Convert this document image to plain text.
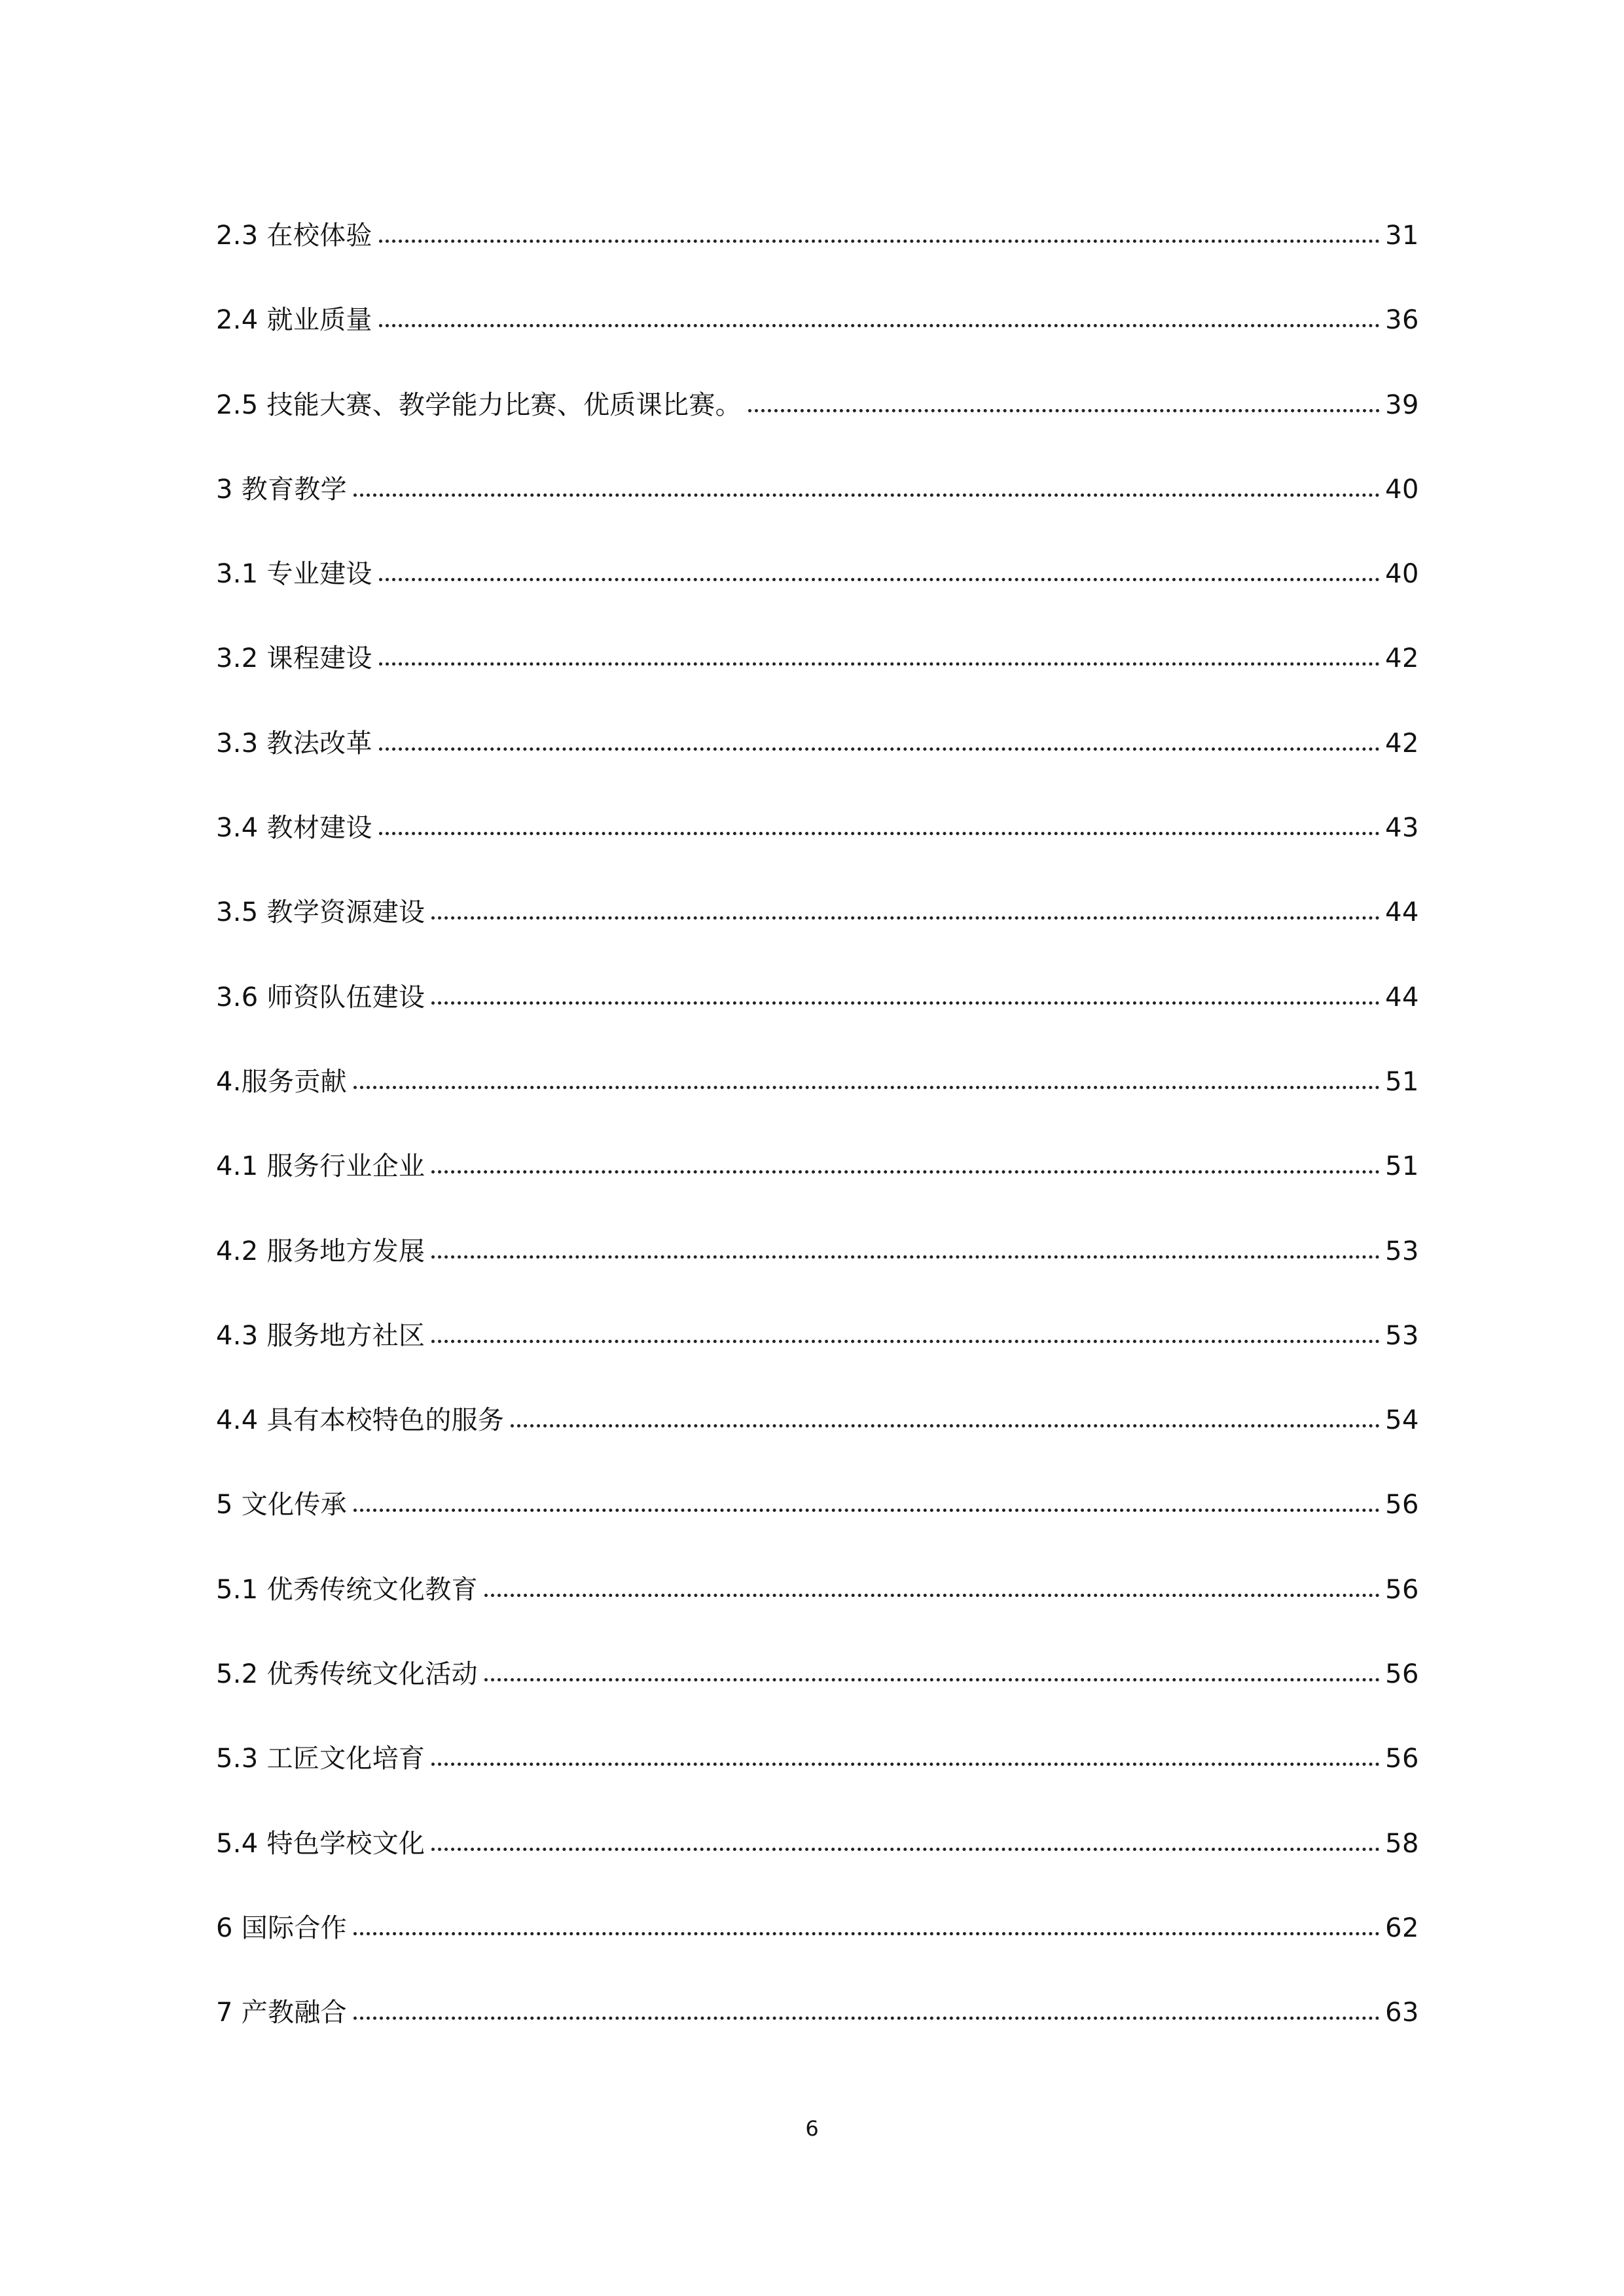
2.3 在校体验	31
2.4 就业质量	36
2.5 技能大赛、教学能力比赛、优质课比赛。	39
3 教育教学	40
3.1 专业建设	40
3.2 课程建设	42
3.3 教法改革	42
3.4 教材建设	43
3.5 教学资源建设	44
3.6 师资队伍建设	44
4.服务贡献	51
4.1 服务行业企业	51
4.2 服务地方发展	53
4.3 服务地方社区	53
4.4 具有本校特色的服务	54
5 文化传承	56
5.1 优秀传统文化教育	56
5.2 优秀传统文化活动	56
5.3 工匠文化培育	56
5.4 特色学校文化	58
6 国际合作	62
7 产教融合	63
6
